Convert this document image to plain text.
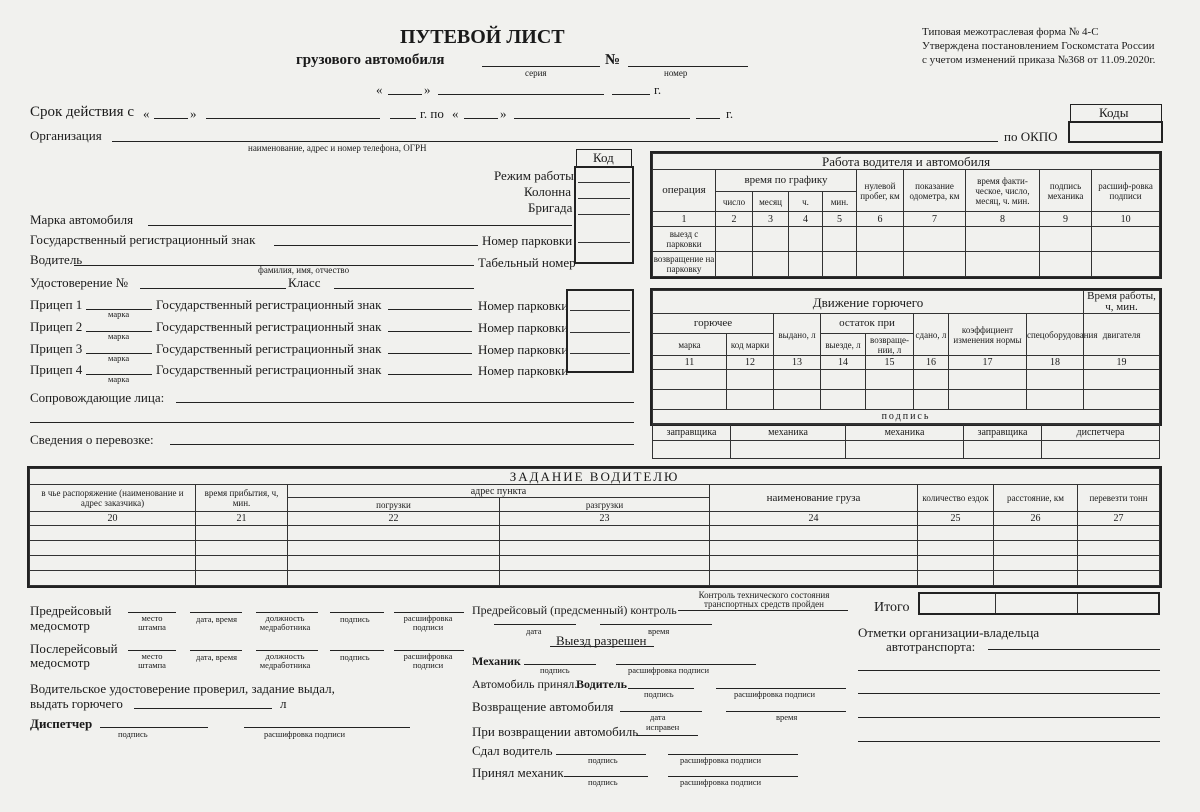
ПУТЕВОЙ ЛИСТ
грузового автомобиля
серия
№
номер
«	»	г.
Типовая межотраслевая форма № 4-С
Утверждена постановлением Госкомстата России
с учетом изменений приказа №368 от 11.09.2020г.
Срок действия с «	»	г. по «	»	г.	Коды
Организация
наименование, адрес и номер телефона, ОГРН
по ОКПО
Код
Режим работы
Колонна
Бригада
Марка автомобиля
Государственный регистрационный знак	Номер парковки
Водитель
фамилия, имя, отчество	Табельный номер
Удостоверение №	Класс
Прицеп 1
марка
Государственный регистрационный знак	Номер парковки
Прицеп 2
марка
Государственный регистрационный знак	Номер парковки
Прицеп 3
марка
Государственный регистрационный знак	Номер парковки
Прицеп 4
марка
Государственный регистрационный знак	Номер парковки
Сопровождающие лица:
Сведения о перевозке:
Работа водителя и автомобиля									
операция	время по графику				нулевой пробег, км	показание одометра, км	время факти-ческое, число, месяц, ч. мин.	подпись механика	расшиф-ровка подписи
	число	месяц	ч.	мин.					
1	2	3	4	5	6	7	8	9	10
выезд с парковки									
возвращение на парковку									
Движение горючего								Время работы, ч, мин.
горючее		выдано, л	остаток при		сдано, л	коэффициент изменения нормы	спецоборудования	двигателя
марка	код марки		выезде, л	возвраще-нии, л				
11	12	13	14	15	16	17	18	19

подпись								
заправщика	механика	механика	заправщика	диспетчера

ЗАДАНИЕ ВОДИТЕЛЮ							
в чье распоряжение (наименование и адрес заказчика)	время прибытия, ч, мин.	адрес пункта		наименование груза	количество ездок	расстояние, км	перевезти тонн
		погрузки	разгрузки				
20	21	22	23	24	25	26	27

Итого
Предрейсовый
медосмотр
Послерейсовый
медосмотр
место штампа
дата, время	должность медработника
подпись	расшифровка подписи
место штампа
дата, время	должность медработника
подпись	расшифровка подписи
Водительское удостоверение проверил, задание выдал,
выдать горючего	л
Диспетчер
подпись	расшифровка подписи
Предрейсовый (предсменный) контроль
Контроль технического состояния транспортных средств пройден
дата	время
Выезд разрешен
Механик
подпись	расшифровка подписи
Автомобиль принял.
Водитель
подпись	расшифровка подписи
Возвращение автомобиля
дата	время
исправен
При возвращении автомобиль
Сдал водитель
подпись	расшифровка подписи
Принял механик
подпись	расшифровка подписи
Отметки организации-владельца
автотранспорта:
